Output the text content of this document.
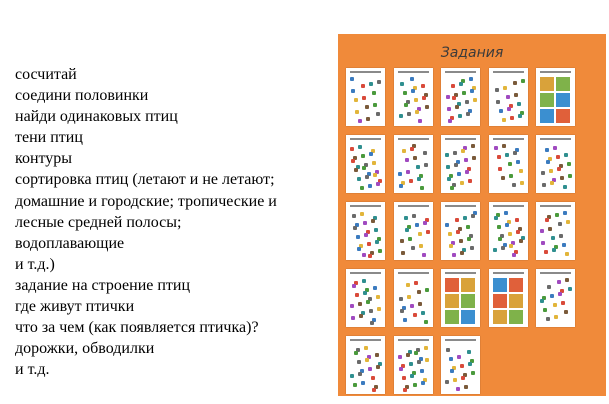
сосчитай
соедини половинки
найди одинаковых птиц
тени птиц
контуры
сортировка птиц (летают и не летают;
домашние и городские; тропические и
лесные средней полосы;
водоплавающие
и т.д.)
задание на строение птиц
где живут птички
что за чем (как появляется птичка)?
дорожки, обводилки
и т.д.
Задания
